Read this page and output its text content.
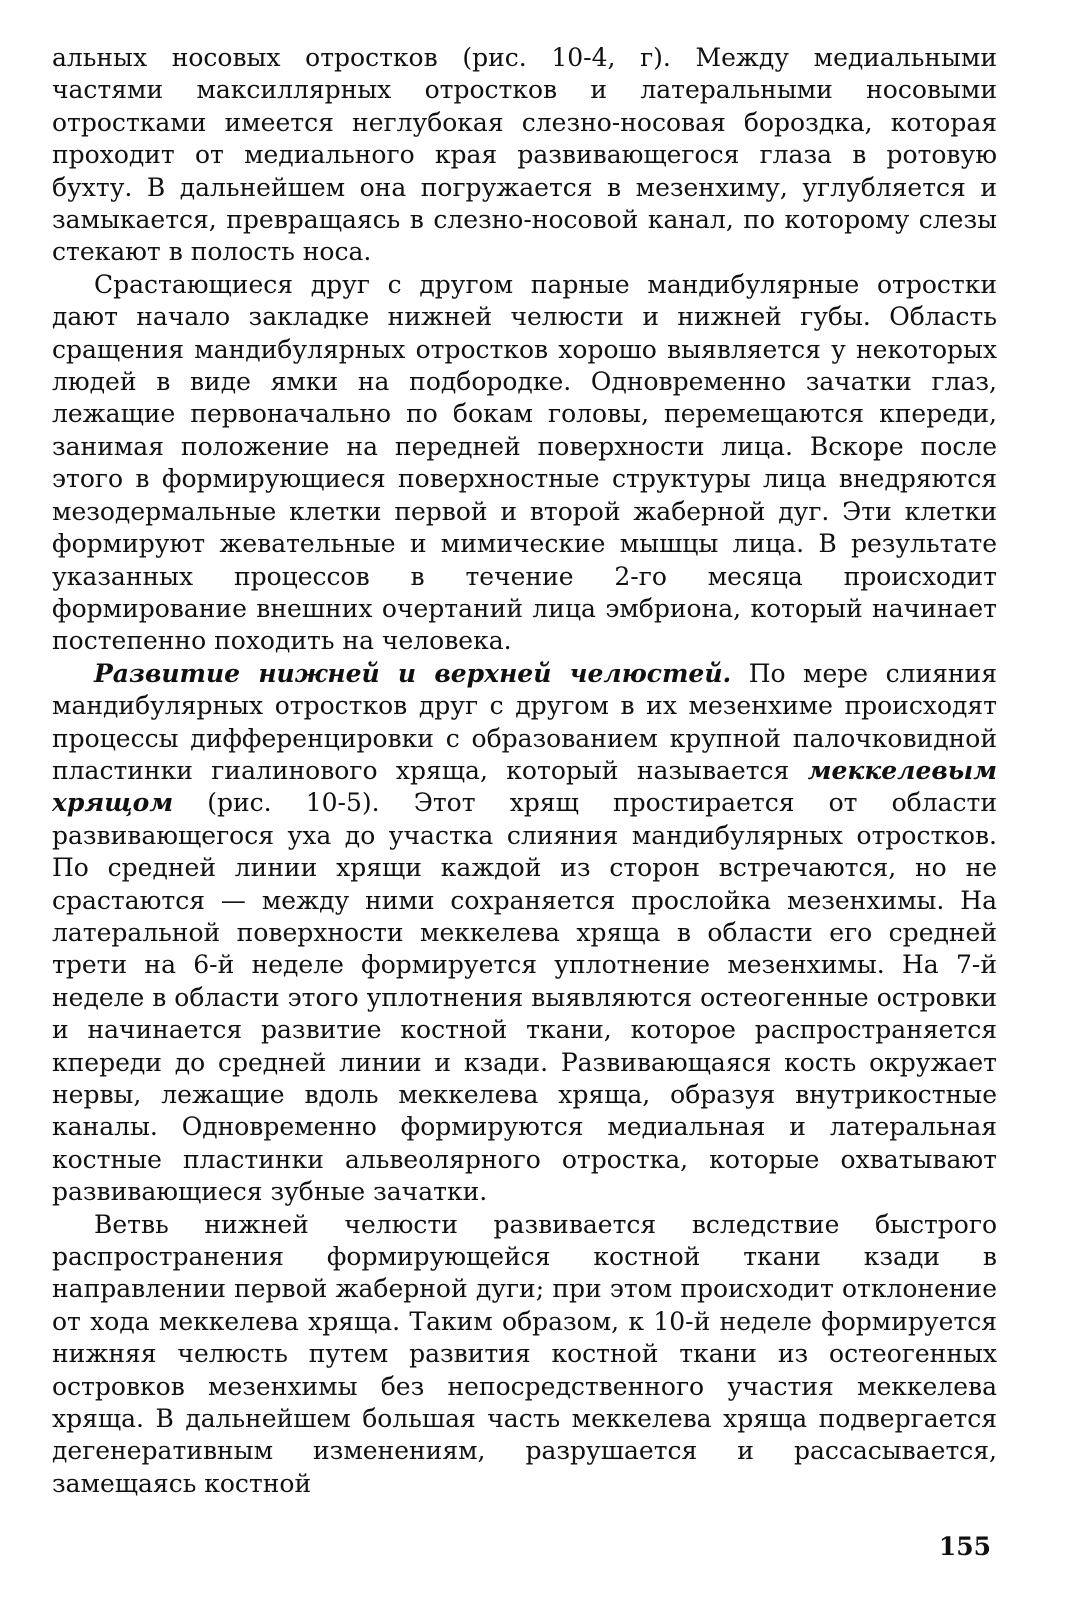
альных носовых отростков (рис. 10-4, г). Между медиальными частями максиллярных отростков и латеральными носовыми отростками имеется неглубокая слезно-носовая бороздка, которая проходит от медиального края развивающегося глаза в ротовую бухту. В дальнейшем она погружается в мезенхиму, углубляется и замыкается, превращаясь в слезно-носовой канал, по которому слезы стекают в полость носа.

Срастающиеся друг с другом парные мандибулярные отростки дают начало закладке нижней челюсти и нижней губы. Область сращения мандибулярных отростков хорошо выявляется у некоторых людей в виде ямки на подбородке. Одновременно зачатки глаз, лежащие первоначально по бокам головы, перемещаются кпереди, занимая положение на передней поверхности лица. Вскоре после этого в формирующиеся поверхностные структуры лица внедряются мезодермальные клетки первой и второй жаберной дуг. Эти клетки формируют жевательные и мимические мышцы лица. В результате указанных процессов в течение 2-го месяца происходит формирование внешних очертаний лица эмбриона, который начинает постепенно походить на человека.

Развитие нижней и верхней челюстей. По мере слияния мандибулярных отростков друг с другом в их мезенхиме происходят процессы дифференцировки с образованием крупной палочковидной пластинки гиалинового хряща, который называется меккелевым хрящом (рис. 10-5). Этот хрящ простирается от области развивающегося уха до участка слияния мандибулярных отростков. По средней линии хрящи каждой из сторон встречаются, но не срастаются — между ними сохраняется прослойка мезенхимы. На латеральной поверхности меккелева хряща в области его средней трети на 6-й неделе формируется уплотнение мезенхимы. На 7-й неделе в области этого уплотнения выявляются остеогенные островки и начинается развитие костной ткани, которое распространяется кпереди до средней линии и кзади. Развивающаяся кость окружает нервы, лежащие вдоль меккелева хряща, образуя внутрикостные каналы. Одновременно формируются медиальная и латеральная костные пластинки альвеолярного отростка, которые охватывают развивающиеся зубные зачатки.

Ветвь нижней челюсти развивается вследствие быстрого распространения формирующейся костной ткани кзади в направлении первой жаберной дуги; при этом происходит отклонение от хода меккелева хряща. Таким образом, к 10-й неделе формируется нижняя челюсть путем развития костной ткани из остеогенных островков мезенхимы без непосредственного участия меккелева хряща. В дальнейшем большая часть меккелева хряща подвергается дегенеративным изменениям, разрушается и рассасывается, замещаясь костной

155
